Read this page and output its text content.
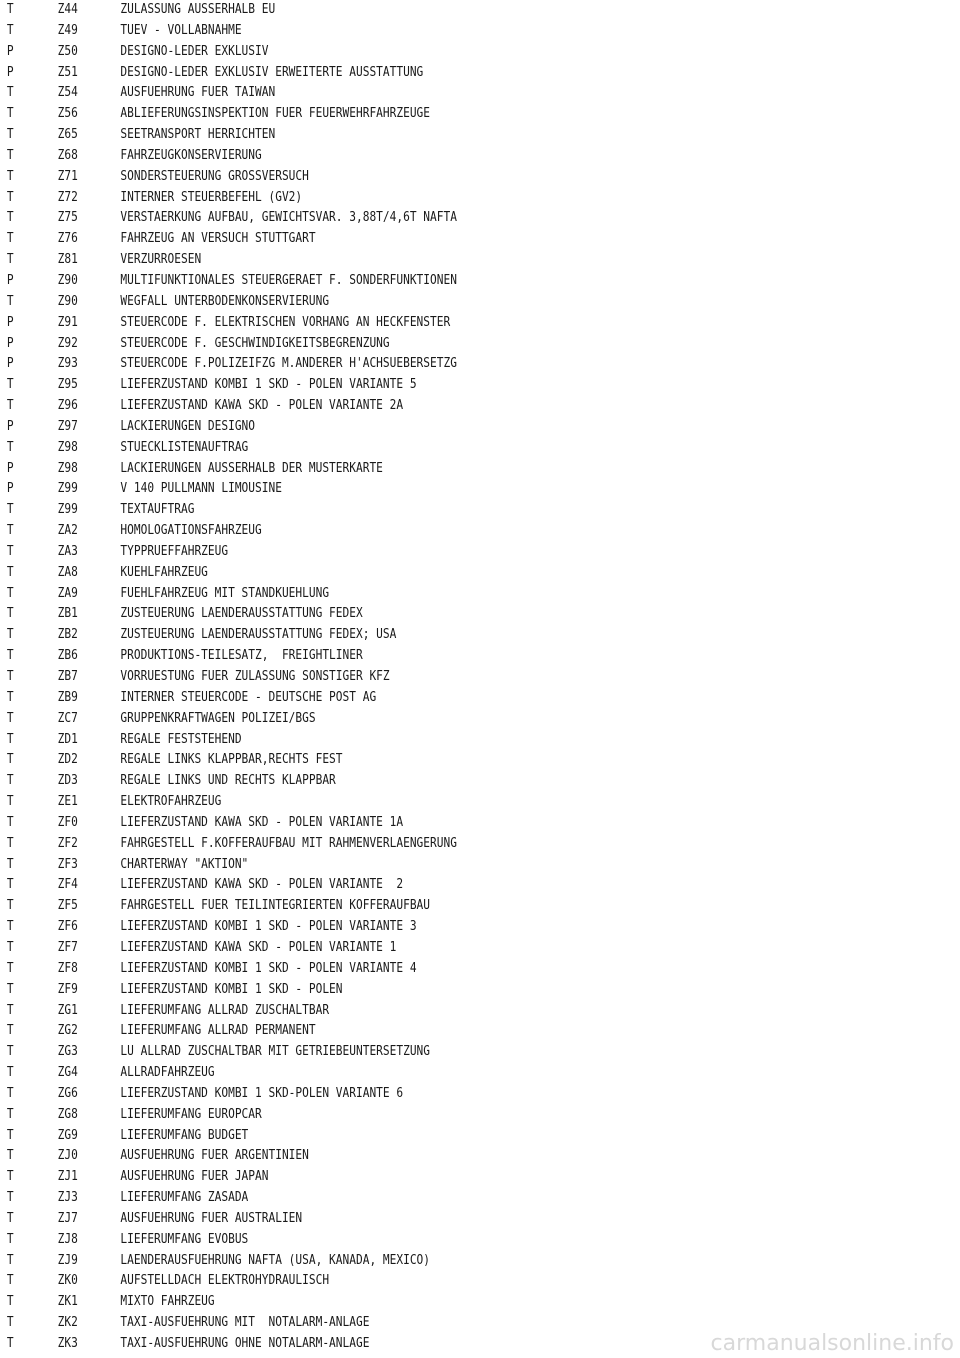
T	Z44	ZULASSUNG AUSSERHALB EU
T	Z49	TUEV - VOLLABNAHME
P	Z50	DESIGNO-LEDER EXKLUSIV
P	Z51	DESIGNO-LEDER EXKLUSIV ERWEITERTE AUSSTATTUNG
T	Z54	AUSFUEHRUNG FUER TAIWAN
T	Z56	ABLIEFERUNGSINSPEKTION FUER FEUERWEHRFAHRZEUGE
T	Z65	SEETRANSPORT HERRICHTEN
T	Z68	FAHRZEUGKONSERVIERUNG
T	Z71	SONDERSTEUERUNG GROSSVERSUCH
T	Z72	INTERNER STEUERBEFEHL (GV2)
T	Z75	VERSTAERKUNG AUFBAU, GEWICHTSVAR. 3,88T/4,6T NAFTA
T	Z76	FAHRZEUG AN VERSUCH STUTTGART
T	Z81	VERZURROESEN
P	Z90	MULTIFUNKTIONALES STEUERGERAET F. SONDERFUNKTIONEN
T	Z90	WEGFALL UNTERBODENKONSERVIERUNG
P	Z91	STEUERCODE F. ELEKTRISCHEN VORHANG AN HECKFENSTER
P	Z92	STEUERCODE F. GESCHWINDIGKEITSBEGRENZUNG
P	Z93	STEUERCODE F.POLIZEIFZG M.ANDERER H'ACHSUEBERSETZG
T	Z95	LIEFERZUSTAND KOMBI 1 SKD - POLEN VARIANTE 5
T	Z96	LIEFERZUSTAND KAWA SKD - POLEN VARIANTE 2A
P	Z97	LACKIERUNGEN DESIGNO
T	Z98	STUECKLISTENAUFTRAG
P	Z98	LACKIERUNGEN AUSSERHALB DER MUSTERKARTE
P	Z99	V 140 PULLMANN LIMOUSINE
T	Z99	TEXTAUFTRAG
T	ZA2	HOMOLOGATIONSFAHRZEUG
T	ZA3	TYPPRUEFFAHRZEUG
T	ZA8	KUEHLFAHRZEUG
T	ZA9	FUEHLFAHRZEUG MIT STANDKUEHLUNG
T	ZB1	ZUSTEUERUNG LAENDERAUSSTATTUNG FEDEX
T	ZB2	ZUSTEUERUNG LAENDERAUSSTATTUNG FEDEX; USA
T	ZB6	PRODUKTIONS-TEILESATZ,  FREIGHTLINER
T	ZB7	VORRUESTUNG FUER ZULASSUNG SONSTIGER KFZ
T	ZB9	INTERNER STEUERCODE - DEUTSCHE POST AG
T	ZC7	GRUPPENKRAFTWAGEN POLIZEI/BGS
T	ZD1	REGALE FESTSTEHEND
T	ZD2	REGALE LINKS KLAPPBAR,RECHTS FEST
T	ZD3	REGALE LINKS UND RECHTS KLAPPBAR
T	ZE1	ELEKTROFAHRZEUG
T	ZF0	LIEFERZUSTAND KAWA SKD - POLEN VARIANTE 1A
T	ZF2	FAHRGESTELL F.KOFFERAUFBAU MIT RAHMENVERLAENGERUNG
T	ZF3	CHARTERWAY "AKTION"
T	ZF4	LIEFERZUSTAND KAWA SKD - POLEN VARIANTE  2
T	ZF5	FAHRGESTELL FUER TEILINTEGRIERTEN KOFFERAUFBAU
T	ZF6	LIEFERZUSTAND KOMBI 1 SKD - POLEN VARIANTE 3
T	ZF7	LIEFERZUSTAND KAWA SKD - POLEN VARIANTE 1
T	ZF8	LIEFERZUSTAND KOMBI 1 SKD - POLEN VARIANTE 4
T	ZF9	LIEFERZUSTAND KOMBI 1 SKD - POLEN
T	ZG1	LIEFERUMFANG ALLRAD ZUSCHALTBAR
T	ZG2	LIEFERUMFANG ALLRAD PERMANENT
T	ZG3	LU ALLRAD ZUSCHALTBAR MIT GETRIEBEUNTERSETZUNG
T	ZG4	ALLRADFAHRZEUG
T	ZG6	LIEFERZUSTAND KOMBI 1 SKD-POLEN VARIANTE 6
T	ZG8	LIEFERUMFANG EUROPCAR
T	ZG9	LIEFERUMFANG BUDGET
T	ZJ0	AUSFUEHRUNG FUER ARGENTINIEN
T	ZJ1	AUSFUEHRUNG FUER JAPAN
T	ZJ3	LIEFERUMFANG ZASADA
T	ZJ7	AUSFUEHRUNG FUER AUSTRALIEN
T	ZJ8	LIEFERUMFANG EVOBUS
T	ZJ9	LAENDERAUSFUEHRUNG NAFTA (USA, KANADA, MEXICO)
T	ZK0	AUFSTELLDACH ELEKTROHYDRAULISCH
T	ZK1	MIXTO FAHRZEUG
T	ZK2	TAXI-AUSFUEHRUNG MIT  NOTALARM-ANLAGE
T	ZK3	TAXI-AUSFUEHRUNG OHNE NOTALARM-ANLAGE	carmanualsonline.info
